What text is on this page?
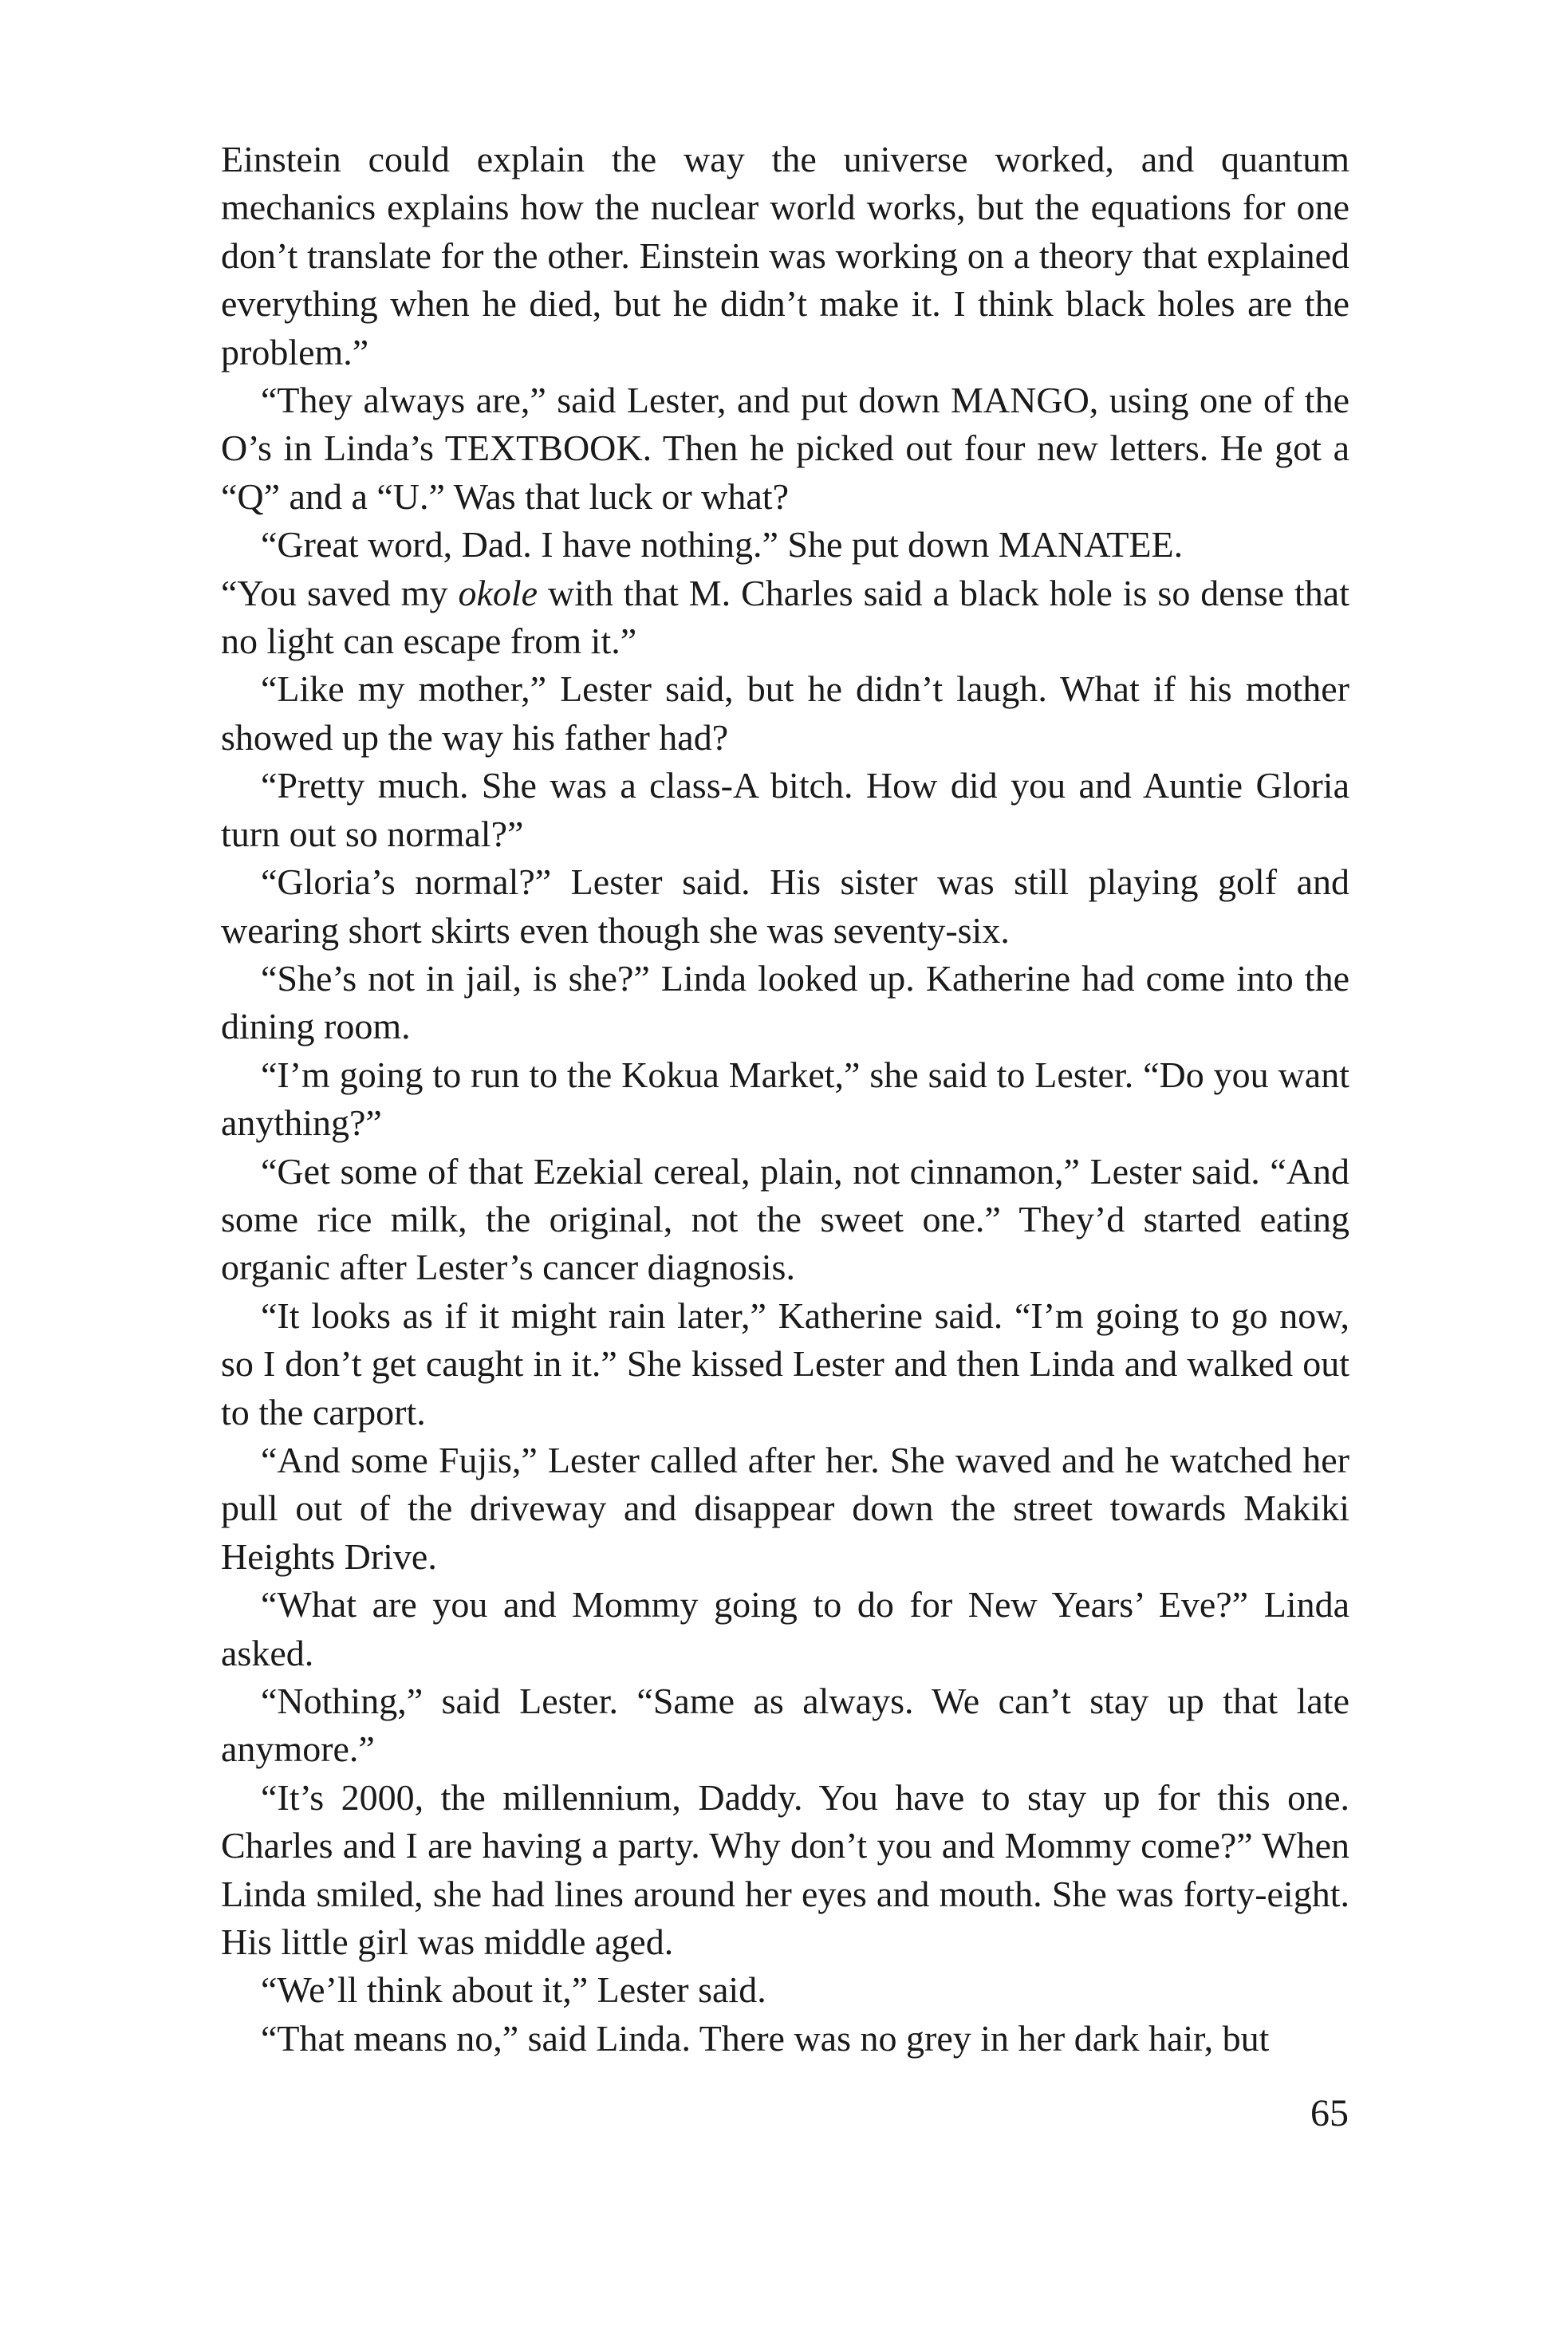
Einstein could explain the way the universe worked, and quantum mechanics explains how the nuclear world works, but the equations for one don’t translate for the other. Einstein was working on a theory that explained everything when he died, but he didn’t make it. I think black holes are the problem.”

“They always are,” said Lester, and put down MANGO, using one of the O’s in Linda’s TEXTBOOK. Then he picked out four new letters. He got a “Q” and a “U.” Was that luck or what?

“Great word, Dad. I have nothing.” She put down MANATEE.

“You saved my okole with that M. Charles said a black hole is so dense that no light can escape from it.”

“Like my mother,” Lester said, but he didn’t laugh. What if his mother showed up the way his father had?

“Pretty much. She was a class-A bitch. How did you and Auntie Gloria turn out so normal?”

“Gloria’s normal?” Lester said. His sister was still playing golf and wearing short skirts even though she was seventy-six.

“She’s not in jail, is she?” Linda looked up. Katherine had come into the dining room.

“I’m going to run to the Kokua Market,” she said to Lester. “Do you want anything?”

“Get some of that Ezekial cereal, plain, not cinnamon,” Lester said. “And some rice milk, the original, not the sweet one.” They’d started eating organic after Lester’s cancer diagnosis.

“It looks as if it might rain later,” Katherine said. “I’m going to go now, so I don’t get caught in it.” She kissed Lester and then Linda and walked out to the carport.

“And some Fujis,” Lester called after her. She waved and he watched her pull out of the driveway and disappear down the street towards Makiki Heights Drive.

“What are you and Mommy going to do for New Years’ Eve?” Linda asked.

“Nothing,” said Lester. “Same as always. We can’t stay up that late anymore.”

“It’s 2000, the millennium, Daddy. You have to stay up for this one. Charles and I are having a party. Why don’t you and Mommy come?” When Linda smiled, she had lines around her eyes and mouth. She was forty-eight. His little girl was middle aged.

“We’ll think about it,” Lester said.

“That means no,” said Linda. There was no grey in her dark hair, but

65
